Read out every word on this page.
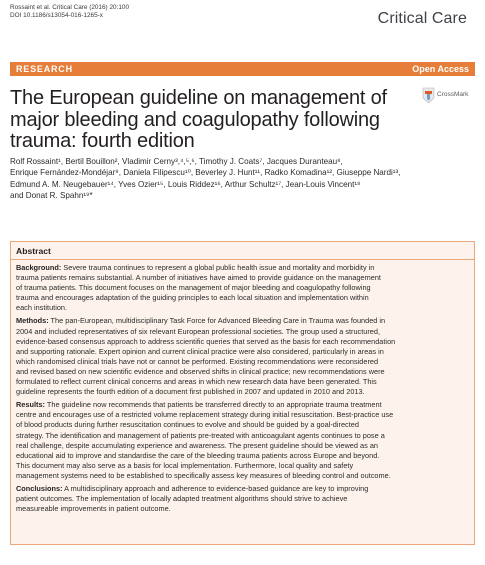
Rossaint et al. Critical Care (2016) 20:100
DOI 10.1186/s13054-016-1265-x	Critical Care
RESEARCH	Open Access
The European guideline on management of major bleeding and coagulopathy following trauma: fourth edition
CrossMark
Rolf Rossaint¹, Bertil Bouillon², Vladimir Cerny³,⁴,⁵,⁶, Timothy J. Coats⁷, Jacques Duranteau⁸,
Enrique Fernández-Mondéjar⁹, Daniela Filipescu¹⁰, Beverley J. Hunt¹¹, Radko Komadina¹², Giuseppe Nardi¹³,
Edmund A. M. Neugebauer¹⁴, Yves Ozier¹⁵, Louis Riddez¹⁶, Arthur Schultz¹⁷, Jean-Louis Vincent¹⁸
and Donat R. Spahn¹⁹*
Abstract
Background: Severe trauma continues to represent a global public health issue and mortality and morbidity in
trauma patients remains substantial. A number of initiatives have aimed to provide guidance on the management
of trauma patients. This document focuses on the management of major bleeding and coagulopathy following
trauma and encourages adaptation of the guiding principles to each local situation and implementation within
each institution.
Methods: The pan-European, multidisciplinary Task Force for Advanced Bleeding Care in Trauma was founded in
2004 and included representatives of six relevant European professional societies. The group used a structured,
evidence-based consensus approach to address scientific queries that served as the basis for each recommendation
and supporting rationale. Expert opinion and current clinical practice were also considered, particularly in areas in
which randomised clinical trials have not or cannot be performed. Existing recommendations were reconsidered
and revised based on new scientific evidence and observed shifts in clinical practice; new recommendations were
formulated to reflect current clinical concerns and areas in which new research data have been generated. This
guideline represents the fourth edition of a document first published in 2007 and updated in 2010 and 2013.
Results: The guideline now recommends that patients be transferred directly to an appropriate trauma treatment
centre and encourages use of a restricted volume replacement strategy during initial resuscitation. Best-practice use
of blood products during further resuscitation continues to evolve and should be guided by a goal-directed
strategy. The identification and management of patients pre-treated with anticoagulant agents continues to pose a
real challenge, despite accumulating experience and awareness. The present guideline should be viewed as an
educational aid to improve and standardise the care of the bleeding trauma patients across Europe and beyond.
This document may also serve as a basis for local implementation. Furthermore, local quality and safety
management systems need to be established to specifically assess key measures of bleeding control and outcome.
Conclusions: A multidisciplinary approach and adherence to evidence-based guidance are key to improving
patient outcomes. The implementation of locally adapted treatment algorithms should strive to achieve
measureable improvements in patient outcome.
